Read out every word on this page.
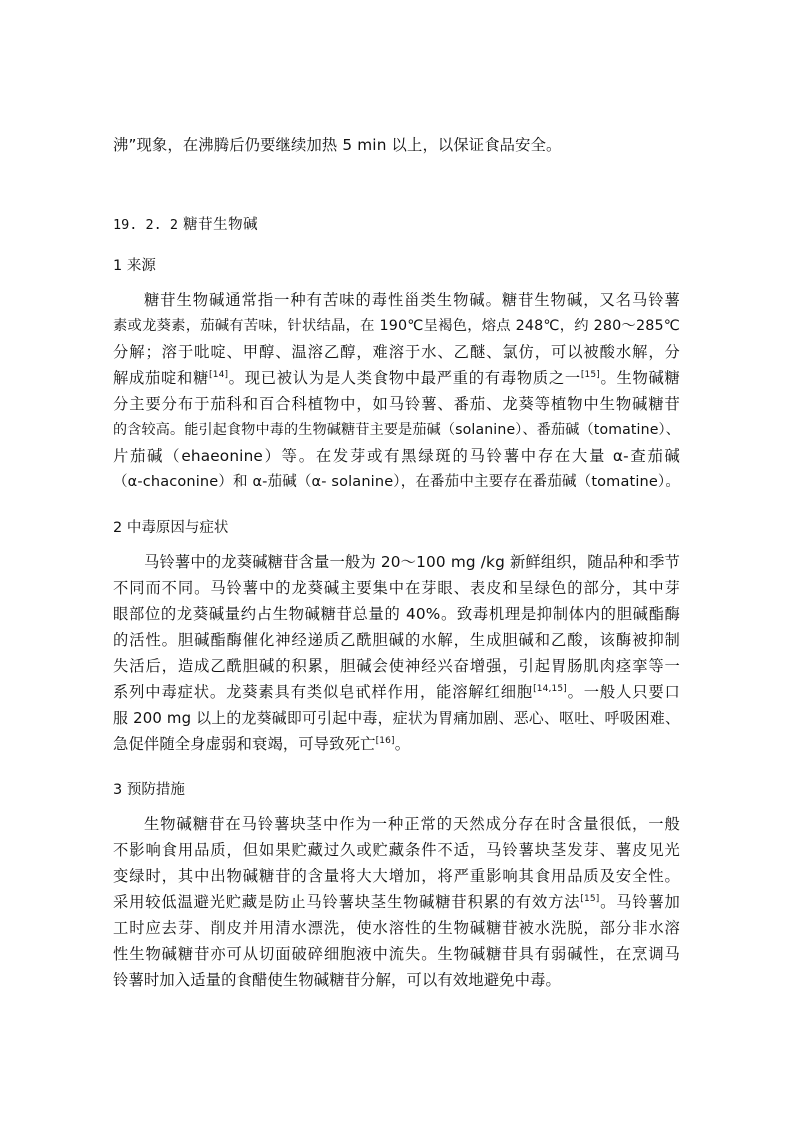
沸”现象，在沸腾后仍要继续加热 5 min 以上，以保证食品安全。
19. 2. 2 糖苷生物碱
1 来源
糖苷生物碱通常指一种有苦味的毒性甾类生物碱。糖苷生物碱，又名马铃薯
素或龙葵素，茄碱有苦味，针状结晶，在 190℃呈褐色，熔点 248℃，约 280～285℃
分解；溶于吡啶、甲醇、温溶乙醇，难溶于水、乙醚、氯仿，可以被酸水解，分
解成茄啶和糖[14]。现已被认为是人类食物中最严重的有毒物质之一[15]。生物碱糖
分主要分布于茄科和百合科植物中，如马铃薯、番茄、龙葵等植物中生物碱糖苷
的含较高。能引起食物中毒的生物碱糖苷主要是茄碱（solanine）、番茄碱（tomatine）、
片茄碱（ehaeonine）等。在发芽或有黑绿斑的马铃薯中存在大量 α-查茄碱
（α-chaconine）和 α-茄碱（α- solanine），在番茄中主要存在番茄碱（tomatine）。
2 中毒原因与症状
马铃薯中的龙葵碱糖苷含量一般为 20～100 mg /kg 新鲜组织，随品种和季节
不同而不同。马铃薯中的龙葵碱主要集中在芽眼、表皮和呈绿色的部分，其中芽
眼部位的龙葵碱量约占生物碱糖苷总量的 40%。致毒机理是抑制体内的胆碱酯酶
的活性。胆碱酯酶催化神经递质乙酰胆碱的水解，生成胆碱和乙酸，该酶被抑制
失活后，造成乙酰胆碱的积累，胆碱会使神经兴奋增强，引起胃肠肌肉痉挛等一
系列中毒症状。龙葵素具有类似皂甙样作用，能溶解红细胞[14,15]。一般人只要口
服 200 mg 以上的龙葵碱即可引起中毒，症状为胃痛加剧、恶心、呕吐、呼吸困难、
急促伴随全身虚弱和衰竭，可导致死亡[16]。
3 预防措施
生物碱糖苷在马铃薯块茎中作为一种正常的天然成分存在时含量很低，一般
不影响食用品质，但如果贮藏过久或贮藏条件不适，马铃薯块茎发芽、薯皮见光
变绿时，其中出物碱糖苷的含量将大大增加，将严重影响其食用品质及安全性。
采用较低温避光贮藏是防止马铃薯块茎生物碱糖苷积累的有效方法[15]。马铃薯加
工时应去芽、削皮并用清水漂洗，使水溶性的生物碱糖苷被水洗脱，部分非水溶
性生物碱糖苷亦可从切面破碎细胞液中流失。生物碱糖苷具有弱碱性，在烹调马
铃薯时加入适量的食醋使生物碱糖苷分解，可以有效地避免中毒。
